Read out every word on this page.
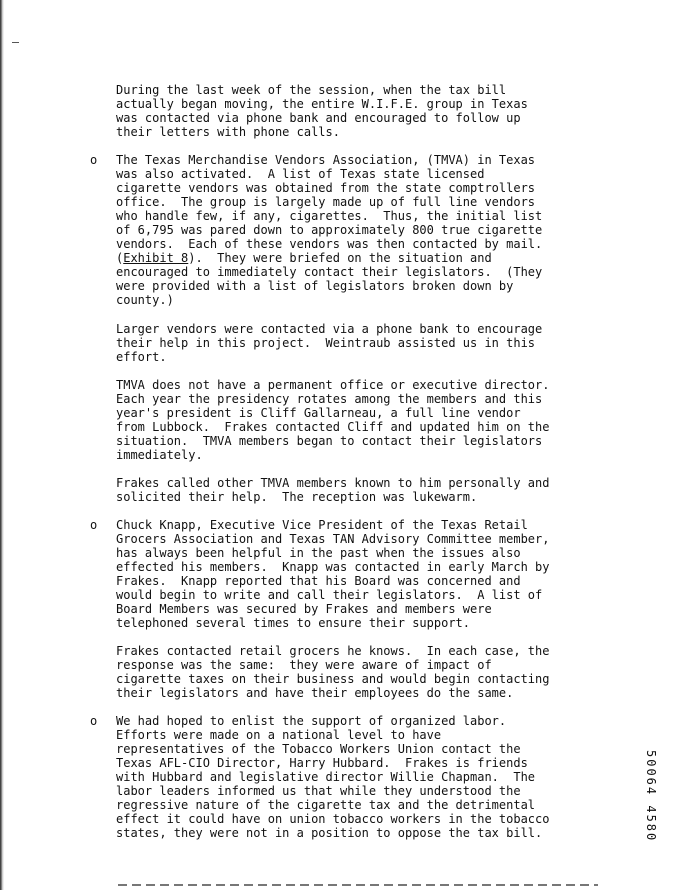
During the last week of the session, when the tax bill
actually began moving, the entire W.I.F.E. group in Texas
was contacted via phone bank and encouraged to follow up
their letters with phone calls.

o The Texas Merchandise Vendors Association, (TMVA) in Texas
was also activated.  A list of Texas state licensed
cigarette vendors was obtained from the state comptrollers
office.  The group is largely made up of full line vendors
who handle few, if any, cigarettes.  Thus, the initial list
of 6,795 was pared down to approximately 800 true cigarette
vendors.  Each of these vendors was then contacted by mail.
(Exhibit 8).  They were briefed on the situation and
encouraged to immediately contact their legislators.  (They
were provided with a list of legislators broken down by
county.)

Larger vendors were contacted via a phone bank to encourage
their help in this project.  Weintraub assisted us in this
effort.

TMVA does not have a permanent office or executive director.
Each year the presidency rotates among the members and this
year's president is Cliff Gallarneau, a full line vendor
from Lubbock.  Frakes contacted Cliff and updated him on the
situation.  TMVA members began to contact their legislators
immediately.

Frakes called other TMVA members known to him personally and
solicited their help.  The reception was lukewarm.

o Chuck Knapp, Executive Vice President of the Texas Retail
Grocers Association and Texas TAN Advisory Committee member,
has always been helpful in the past when the issues also
effected his members.  Knapp was contacted in early March by
Frakes.  Knapp reported that his Board was concerned and
would begin to write and call their legislators.  A list of
Board Members was secured by Frakes and members were
telephoned several times to ensure their support.

Frakes contacted retail grocers he knows.  In each case, the
response was the same:  they were aware of impact of
cigarette taxes on their business and would begin contacting
their legislators and have their employees do the same.

o We had hoped to enlist the support of organized labor.
Efforts were made on a national level to have
representatives of the Tobacco Workers Union contact the
Texas AFL-CIO Director, Harry Hubbard.  Frakes is friends
with Hubbard and legislative director Willie Chapman.  The
labor leaders informed us that while they understood the
regressive nature of the cigarette tax and the detrimental
effect it could have on union tobacco workers in the tobacco
states, they were not in a position to oppose the tax bill.	50064 4580
